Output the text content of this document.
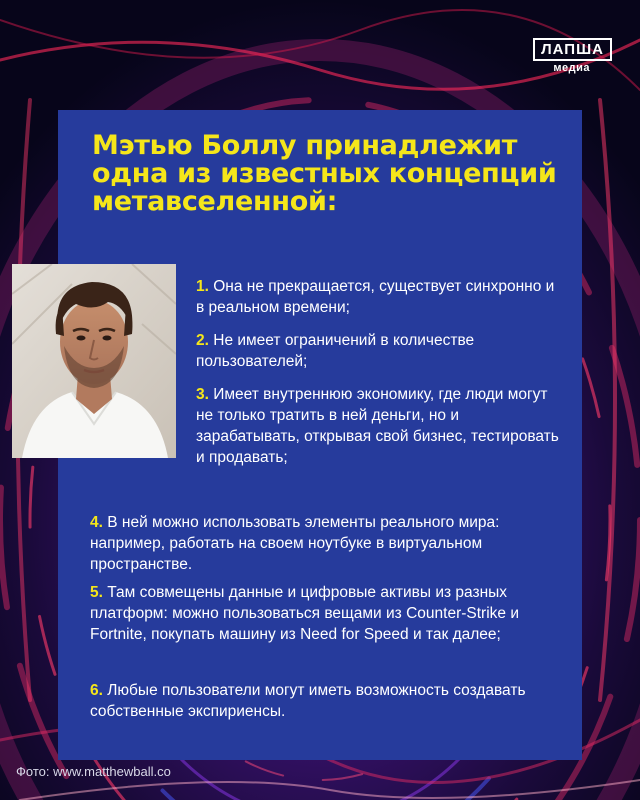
ЛАПША
медиа
Мэтью Боллу принадлежит одна из известных концепций метавселенной:

1. Она не прекращается, существует синхронно и в реальном времени;

2. Не имеет ограничений в количестве пользователей;

3. Имеет внутреннюю экономику, где люди могут не только тратить в ней деньги, но и зарабатывать, открывая свой бизнес, тестировать и продавать;

4. В ней можно использовать элементы реального мира: например, работать на своем ноутбуке в виртуальном пространстве.

5. Там совмещены данные и цифровые активы из разных платформ: можно пользоваться вещами из Counter-Strike и Fortnite, покупать машину из Need for Speed и так далее;

6. Любые пользователи могут иметь возможность создавать собственные экспириенсы.

Фото: www.matthewball.co
